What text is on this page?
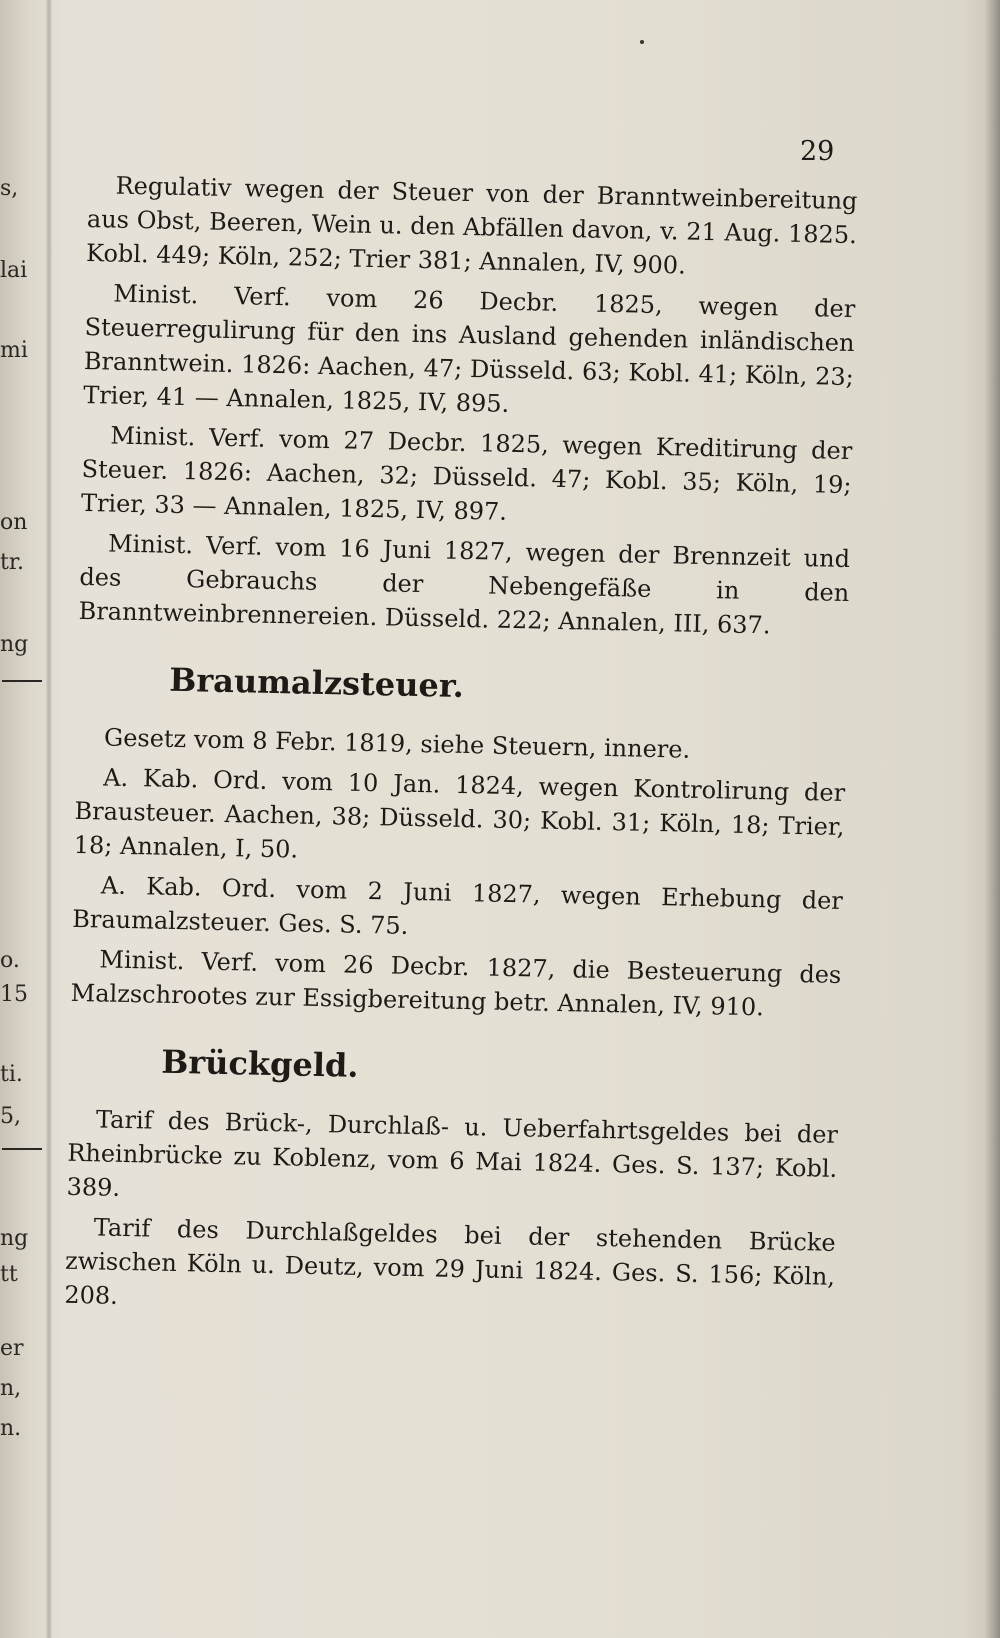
s,
lai
mi
on
tr.
ng
o.
15
ti.
5,
ng
tt
er
n,
n.
29

Regulativ wegen der Steuer von der Branntweinbereitung aus Obst, Beeren, Wein u. den Abfällen davon, v. 21 Aug. 1825. Kobl. 449; Köln, 252; Trier 381; Annalen, IV, 900.

Minist. Verf. vom 26 Decbr. 1825, wegen der Steuerregulirung für den ins Ausland gehenden inländischen Branntwein. 1826: Aachen, 47; Düsseld. 63; Kobl. 41; Köln, 23; Trier, 41 — Annalen, 1825, IV, 895.

Minist. Verf. vom 27 Decbr. 1825, wegen Kreditirung der Steuer. 1826: Aachen, 32; Düsseld. 47; Kobl. 35; Köln, 19; Trier, 33 — Annalen, 1825, IV, 897.

Minist. Verf. vom 16 Juni 1827, wegen der Brennzeit und des Gebrauchs der Nebengefäße in den Branntweinbrennereien. Düsseld. 222; Annalen, III, 637.

Braumalzsteuer.

Gesetz vom 8 Febr. 1819, siehe Steuern, innere.

A. Kab. Ord. vom 10 Jan. 1824, wegen Kontrolirung der Brausteuer. Aachen, 38; Düsseld. 30; Kobl. 31; Köln, 18; Trier, 18; Annalen, I, 50.

A. Kab. Ord. vom 2 Juni 1827, wegen Erhebung der Braumalzsteuer. Ges. S. 75.

Minist. Verf. vom 26 Decbr. 1827, die Besteuerung des Malzschrootes zur Essigbereitung betr. Annalen, IV, 910.

Brückgeld.

Tarif des Brück-, Durchlaß- u. Ueberfahrtsgeldes bei der Rheinbrücke zu Koblenz, vom 6 Mai 1824. Ges. S. 137; Kobl. 389.

Tarif des Durchlaßgeldes bei der stehenden Brücke zwischen Köln u. Deutz, vom 29 Juni 1824. Ges. S. 156; Köln, 208.
